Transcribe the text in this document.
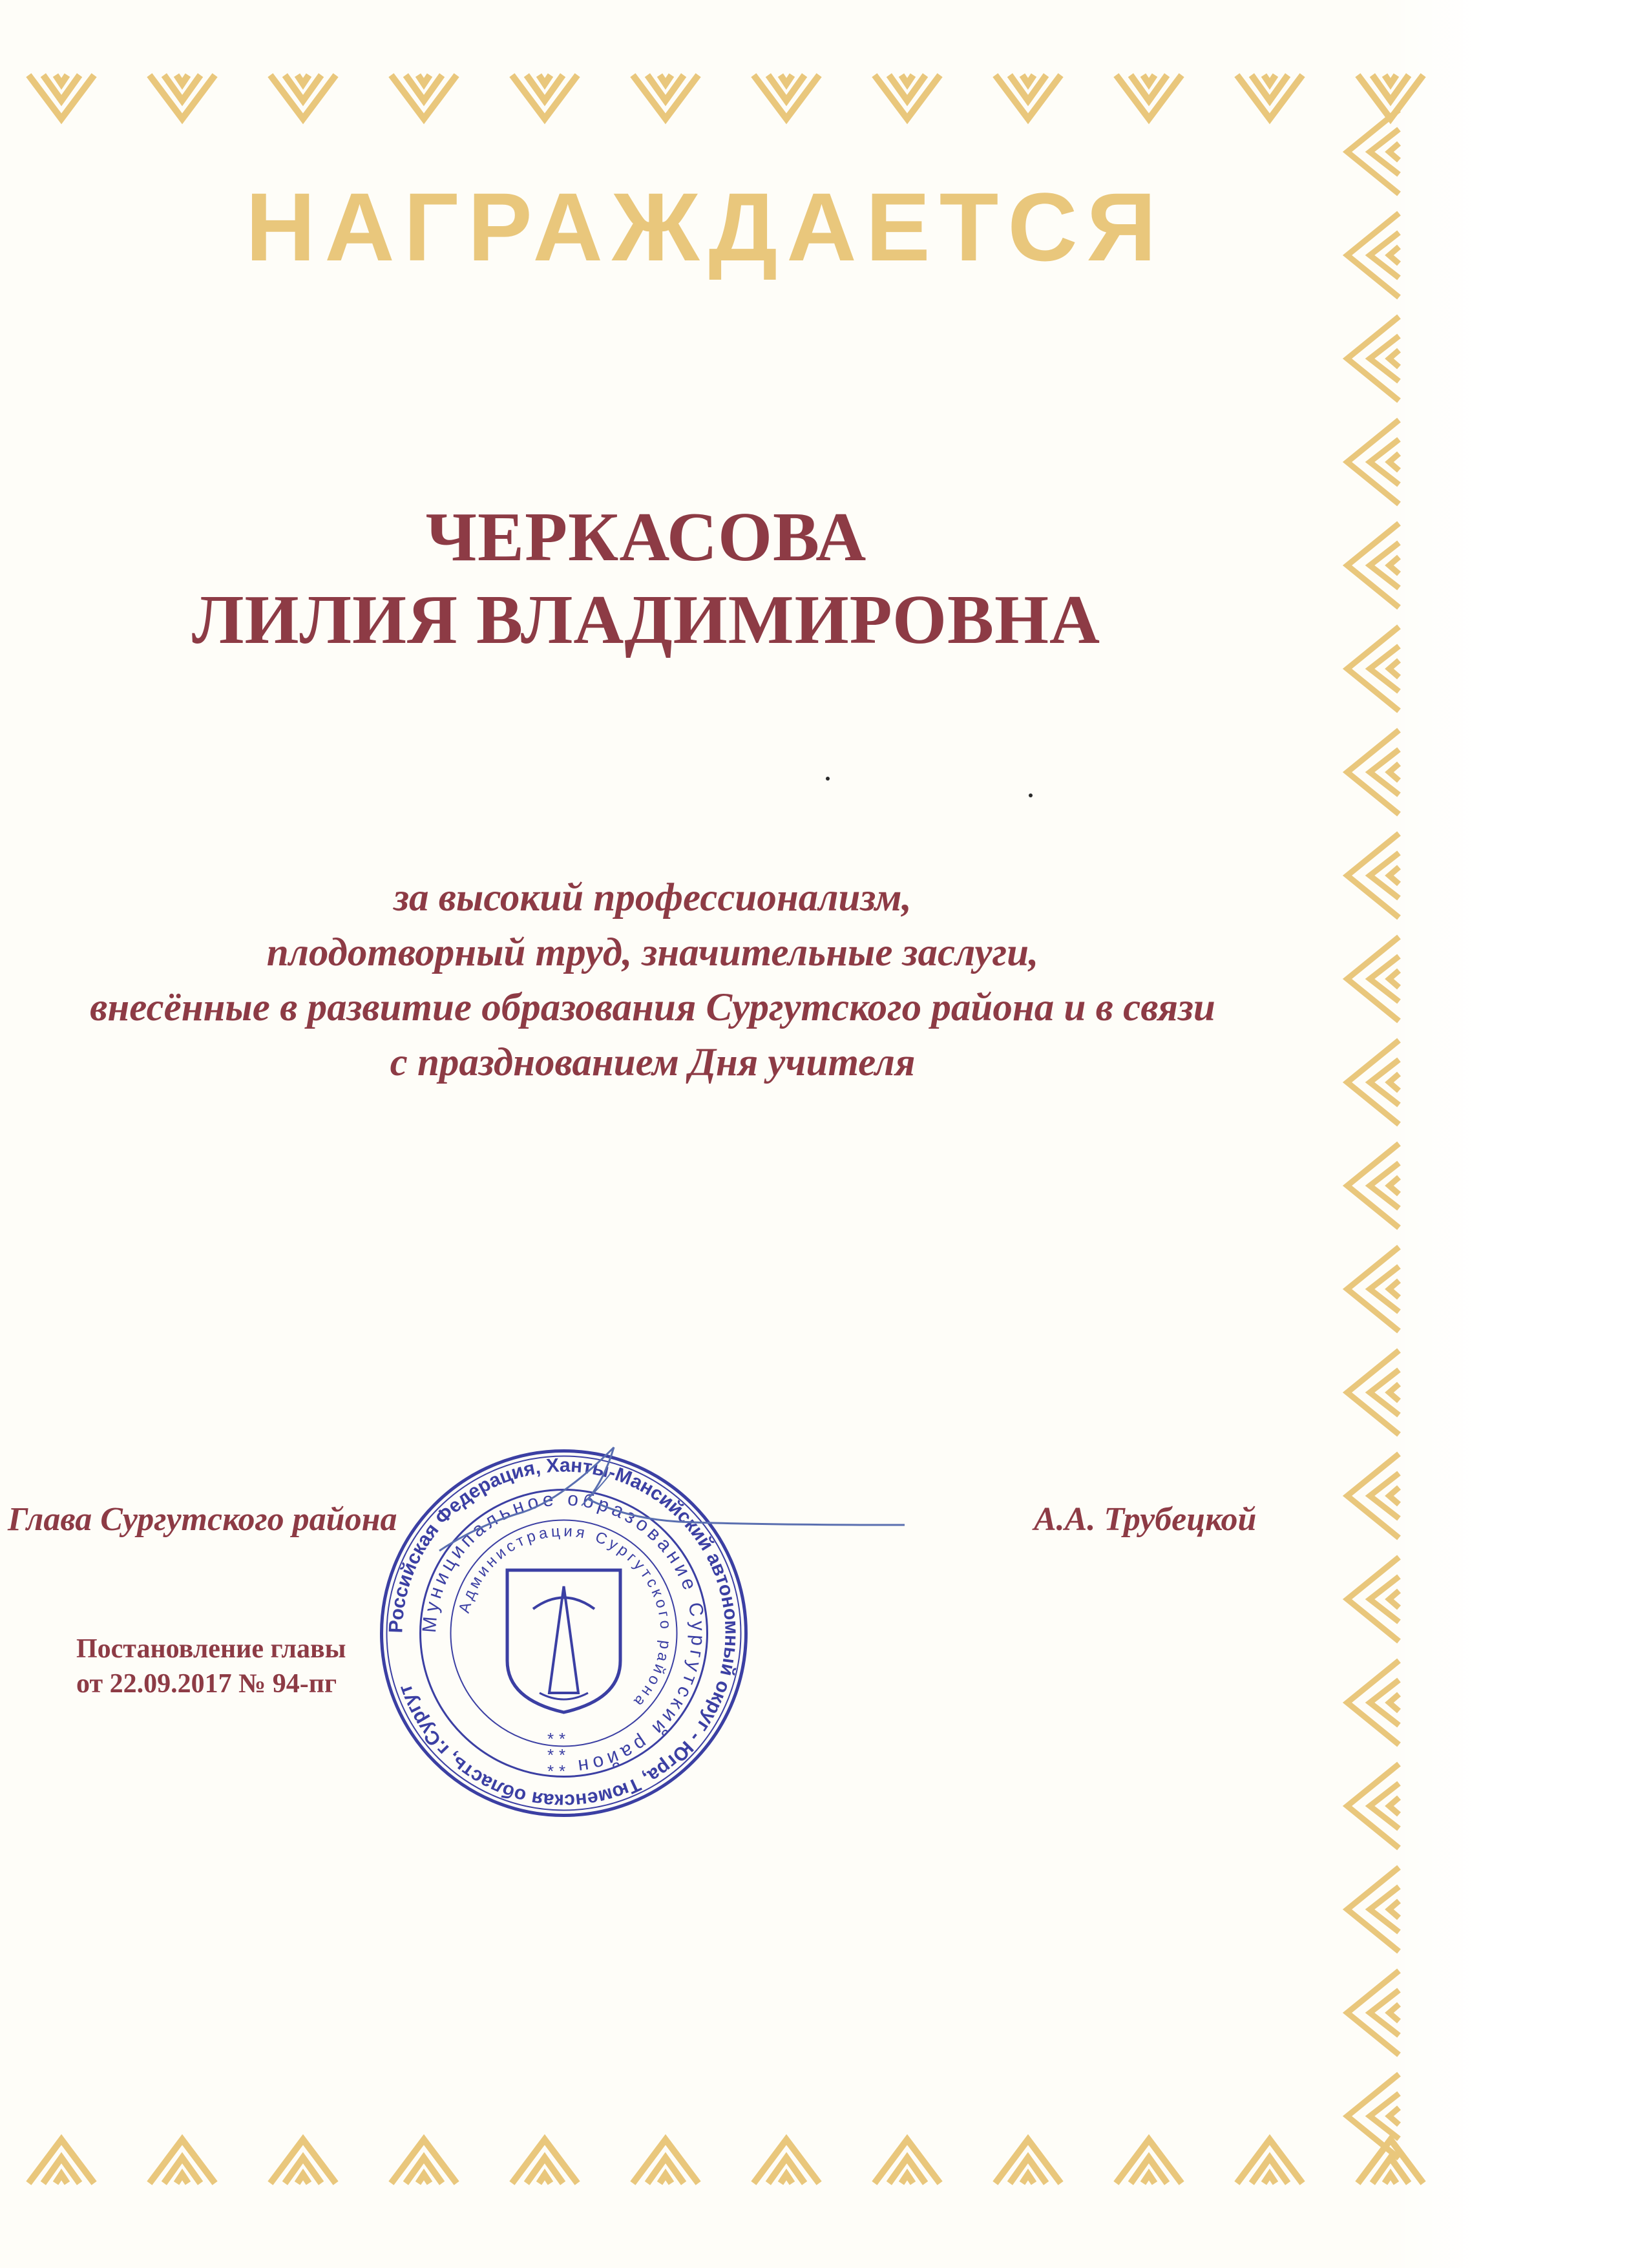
НАГРАЖДАЕТСЯ
ЧЕРКАСОВА
ЛИЛИЯ ВЛАДИМИРОВНА
за высокий профессионализм,
плодотворный труд, значительные заслуги,
внесённые в развитие образования Сургутского района и в связи
с празднованием Дня учителя
Глава Сургутского района	А.А. Трубецкой
Постановление главы
от 22.09.2017 № 94-пг
Российская Федерация, Ханты-Мансийский автономный округ - Югра, Тюменская область, г.Сургут
Муниципальное образование Сургутский район
Администрация Сургутского района
* *
* *
* *
